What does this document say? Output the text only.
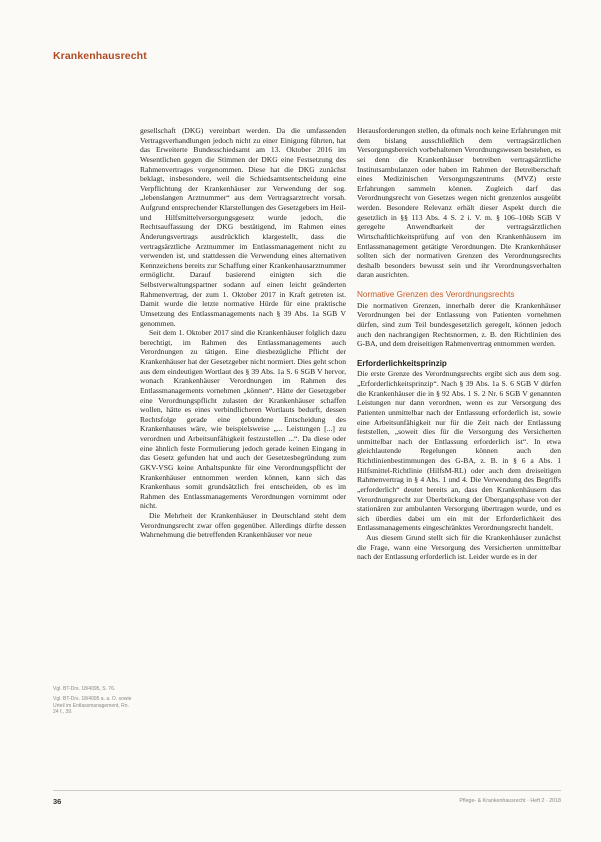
Krankenhausrecht

gesellschaft (DKG) vereinbart werden. Da die umfassenden Vertragsverhandlungen jedoch nicht zu einer Einigung führten, hat das Erweiterte Bundesschiedsamt am 13. Oktober 2016 im Wesentlichen gegen die Stimmen der DKG eine Festsetzung des Rahmenvertrages vorgenommen. Diese hat die DKG zunächst beklagt, insbesondere, weil die Schiedsamtsentscheidung eine Verpflichtung der Krankenhäuser zur Verwendung der sog. „lebenslangen Arztnummer“ aus dem Vertragsarztrecht vorsah. Aufgrund entsprechender Klarstellungen des Gesetzgebers im Heil- und Hilfsmittelversorgungsgesetz wurde jedoch, die Rechtsauffassung der DKG bestätigend, im Rahmen eines Änderungsvertrags ausdrücklich klargestellt, dass die vertragsärztliche Arztnummer im Entlassmanagement nicht zu verwenden ist, und stattdessen die Verwendung eines alternativen Kennzeichens bereits zur Schaffung einer Krankenhausarztnummer ermöglicht. Darauf basierend einigten sich die Selbstverwaltungspartner sodann auf einen leicht geänderten Rahmenvertrag, der zum 1. Oktober 2017 in Kraft getreten ist. Damit wurde die letzte normative Hürde für eine praktische Umsetzung des Entlassmanagements nach § 39 Abs. 1a SGB V genommen.

Seit dem 1. Oktober 2017 sind die Krankenhäuser folglich dazu berechtigt, im Rahmen des Entlassmanagements auch Verordnungen zu tätigen. Eine diesbezügliche Pflicht der Krankenhäuser hat der Gesetzgeber nicht normiert. Dies geht schon aus dem eindeutigen Wortlaut des § 39 Abs. 1a S. 6 SGB V hervor, wonach Krankenhäuser Verordnungen im Rahmen des Entlassmanagements vornehmen „können“. Hätte der Gesetzgeber eine Verordnungspflicht zulasten der Krankenhäuser schaffen wollen, hätte es eines verbindlicheren Wortlauts bedurft, dessen Rechtsfolge gerade eine gebundene Entscheidung des Krankenhauses wäre, wie beispielsweise „... Leistungen [...] zu verordnen und Arbeitsunfähigkeit festzustellen ...“. Da diese oder eine ähnlich feste Formulierung jedoch gerade keinen Eingang in das Gesetz gefunden hat und auch der Gesetzesbegründung zum GKV-VSG keine Anhaltspunkte für eine Verordnungspflicht der Krankenhäuser entnommen werden können, kann sich das Krankenhaus somit grundsätzlich frei entscheiden, ob es im Rahmen des Entlassmanagements Verordnungen vornimmt oder nicht.

Die Mehrheit der Krankenhäuser in Deutschland steht dem Verordnungsrecht zwar offen gegenüber. Allerdings dürfte dessen Wahrnehmung die betreffenden Krankenhäuser vor neue

Herausforderungen stellen, da oftmals noch keine Erfahrungen mit dem bislang ausschließlich dem vertragsärztlichen Versorgungsbereich vorbehaltenen Verordnungswesen bestehen, es sei denn die Krankenhäuser betreiben vertragsärztliche Institutsambulanzen oder haben im Rahmen der Betreiberschaft eines Medizinischen Versorgungszentrums (MVZ) erste Erfahrungen sammeln können. Zugleich darf das Verordnungsrecht von Gesetzes wegen nicht grenzenlos ausgeübt werden. Besondere Relevanz erhält dieser Aspekt durch die gesetzlich in §§ 113 Abs. 4 S. 2 i. V. m. § 106–106b SGB V geregelte Anwendbarkeit der vertragsärztlichen Wirtschaftlichkeitsprüfung auf von den Krankenhäusern im Entlassmanagement getätigte Verordnungen. Die Krankenhäuser sollten sich der normativen Grenzen des Verordnungsrechts deshalb besonders bewusst sein und ihr Verordnungsverhalten daran ausrichten.

Normative Grenzen des Verordnungsrechts

Die normativen Grenzen, innerhalb derer die Krankenhäuser Verordnungen bei der Entlassung von Patienten vornehmen dürfen, sind zum Teil bundesgesetzlich geregelt, können jedoch auch den nachrangigen Rechtsnormen, z. B. den Richtlinien des G-BA, und dem dreiseitigen Rahmenvertrag entnommen werden.

Erforderlichkeitsprinzip

Die erste Grenze des Verordnungsrechts ergibt sich aus dem sog. „Erforderlichkeitsprinzip“. Nach § 39 Abs. 1a S. 6 SGB V dürfen die Krankenhäuser die in § 92 Abs. 1 S. 2 Nr. 6 SGB V genannten Leistungen nur dann verordnen, wenn es zur Versorgung des Patienten unmittelbar nach der Entlassung erforderlich ist, sowie eine Arbeitsunfähigkeit nur für die Zeit nach der Entlassung feststellen, „soweit dies für die Versorgung des Versicherten unmittelbar nach der Entlassung erforderlich ist“. In etwa gleichlautende Regelungen können auch den Richtlinienbestimmungen des G-BA, z. B. in § 6 a Abs. 1 Hilfsmittel-Richtlinie (HilfsM-RL) oder auch dem dreiseitigen Rahmenvertrag in § 4 Abs. 1 und 4. Die Verwendung des Begriffs „erforderlich“ deutet bereits an, dass den Krankenhäusern das Verordnungsrecht zur Überbrückung der Übergangsphase von der stationären zur ambulanten Versorgung übertragen wurde, und es sich überdies dabei um ein mit der Erforderlichkeit des Entlassmanagements eingeschränktes Verordnungsrecht handelt.

Aus diesem Grund stellt sich für die Krankenhäuser zunächst die Frage, wann eine Versorgung des Versicherten unmittelbar nach der Entlassung erforderlich ist. Leider wurde es in der

Vgl. BT-Drs. 18/4095, S. 76.
Vgl. BT-Drs. 18/4095 a. a. O. sowie Urteil im Entlassmanagement, Rn. 24 f., 39.
36	Pflege- & Krankenhausrecht · Heft 2 · 2018
